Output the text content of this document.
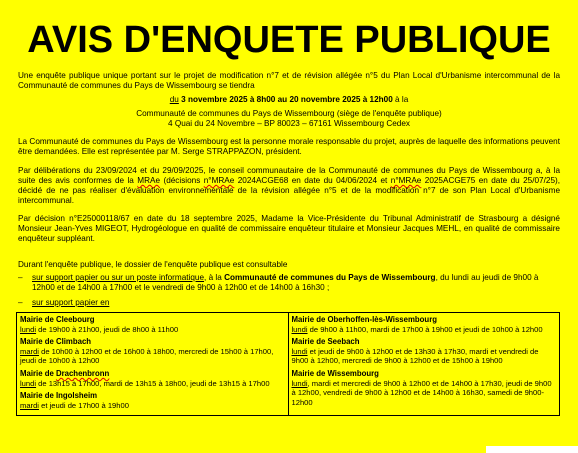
AVIS D'ENQUETE PUBLIQUE
Une enquête publique unique portant sur le projet de modification n°7 et de révision allégée n°5 du Plan Local d'Urbanisme intercommunal de la Communauté de communes du Pays de Wissembourg se tiendra
du 3 novembre 2025 à 8h00 au 20 novembre 2025 à 12h00 à la
Communauté de communes du Pays de Wissembourg (siège de l'enquête publique)
4 Quai du 24 Novembre – BP 80023 – 67161 Wissembourg Cedex
La Communauté de communes du Pays de Wissembourg est la personne morale responsable du projet, auprès de laquelle des informations peuvent être demandées. Elle est représentée par M. Serge STRAPPAZON, président.
Par délibérations du 23/09/2024 et du 29/09/2025, le conseil communautaire de la Communauté de communes du Pays de Wissembourg a, à la suite des avis conformes de la MRAe (décisions n°MRAe 2024ACGE68 en date du 04/06/2024 et n°MRAe 2025ACGE75 en date du 25/07/25), décidé de ne pas réaliser d'évaluation environnementale de la révision allégée n°5 et de la modification n°7 de son Plan Local d'Urbanisme intercommunal.
Par décision n°E25000118/67 en date du 18 septembre 2025, Madame la Vice-Présidente du Tribunal Administratif de Strasbourg a désigné Monsieur Jean-Yves MIGEOT, Hydrogéologue en qualité de commissaire enquêteur titulaire et Monsieur Jacques MEHL, en qualité de commissaire enquêteur suppléant.
Durant l'enquête publique, le dossier de l'enquête publique est consultable
– sur support papier ou sur un poste informatique, à la Communauté de communes du Pays de Wissembourg, du lundi au jeudi de 9h00 à 12h00 et de 14h00 à 17h00 et le vendredi de 9h00 à 12h00 et de 14h00 à 16h30 ;
– sur support papier en
Mairie de Cleebourg
lundi de 19h00 à 21h00, jeudi de 8h00 à 11h00
Mairie de Climbach
mardi de 10h00 à 12h00 et de 16h00 à 18h00, mercredi de 15h00 à 17h00, jeudi de 10h00 à 12h00
Mairie de Drachenbronn
lundi de 13h15 à 17h00, mardi de 13h15 à 18h00, jeudi de 13h15 à 17h00
Mairie de Ingolsheim
mardi et jeudi de 17h00 à 19h00

Mairie de Oberhoffen-lès-Wissembourg
lundi de 9h00 à 11h00, mardi de 17h00 à 19h00 et jeudi de 10h00 à 12h00
Mairie de Seebach
lundi et jeudi de 9h00 à 12h00 et de 13h30 à 17h30, mardi et vendredi de 9h00 à 12h00, mercredi de 9h00 à 12h00 et de 15h00 à 19h00
Mairie de Wissembourg
lundi, mardi et mercredi de 9h00 à 12h00 et de 14h00 à 17h30, jeudi de 9h00 à 12h00, vendredi de 9h00 à 12h00 et de 14h00 à 16h30, samedi de 9h00-12h00
